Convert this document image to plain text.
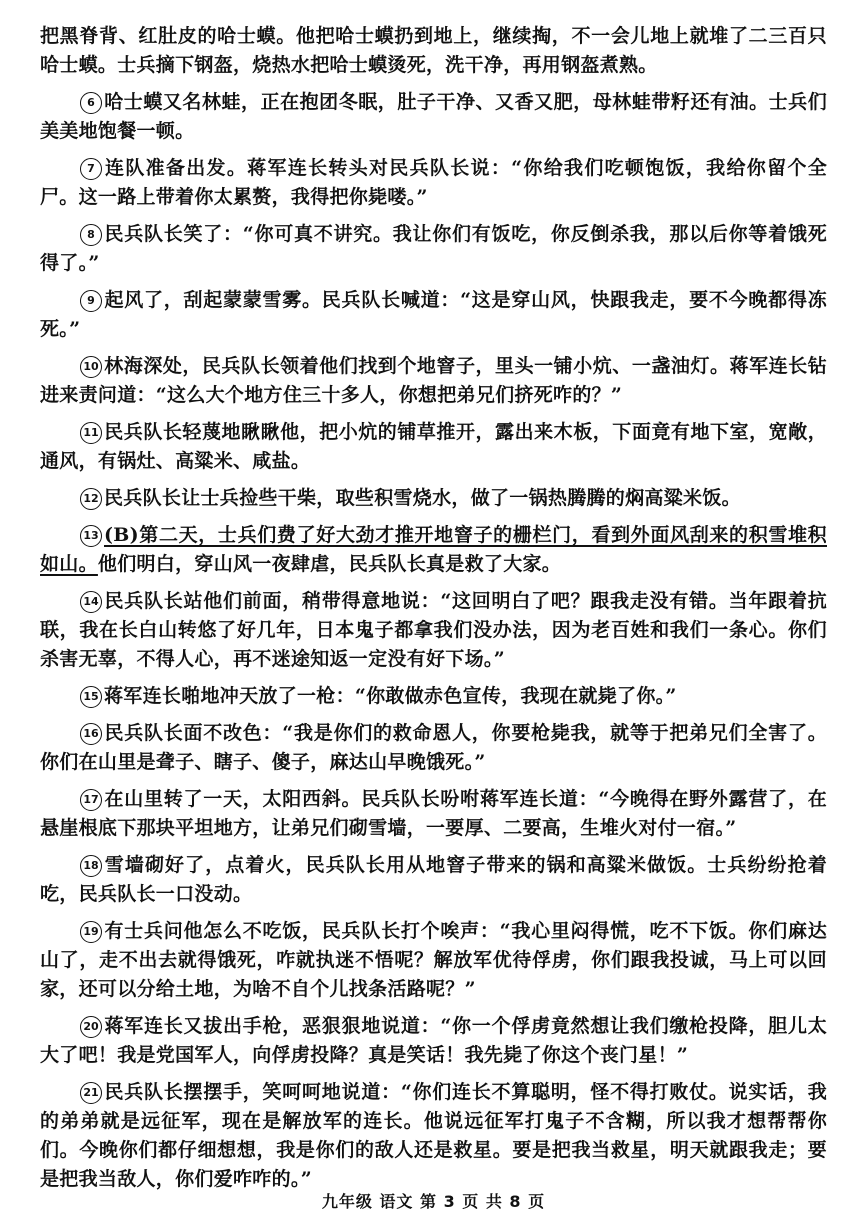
把黑脊背、红肚皮的哈士蟆。他把哈士蟆扔到地上，继续掏，不一会儿地上就堆了二三百只哈士蟆。士兵摘下钢盔，烧热水把哈士蟆烫死，洗干净，再用钢盔煮熟。

6 哈士蟆又名林蛙，正在抱团冬眠，肚子干净、又香又肥，母林蛙带籽还有油。士兵们美美地饱餐一顿。

7 连队准备出发。蒋军连长转头对民兵队长说：“你给我们吃顿饱饭，我给你留个全尸。这一路上带着你太累赘，我得把你毙喽。”

8 民兵队长笑了：“你可真不讲究。我让你们有饭吃，你反倒杀我，那以后你等着饿死得了。”

9 起风了，刮起蒙蒙雪雾。民兵队长喊道：“这是穿山风，快跟我走，要不今晚都得冻死。”

10 林海深处，民兵队长领着他们找到个地窨子，里头一铺小炕、一盏油灯。蒋军连长钻进来责问道：“这么大个地方住三十多人，你想把弟兄们挤死咋的？”

11 民兵队长轻蔑地瞅瞅他，把小炕的铺草推开，露出来木板，下面竟有地下室，宽敞，通风，有锅灶、高粱米、咸盐。

12 民兵队长让士兵捡些干柴，取些积雪烧水，做了一锅热腾腾的焖高粱米饭。

13 (B)第二天，士兵们费了好大劲才推开地窨子的栅栏门，看到外面风刮来的积雪堆积如山。他们明白，穿山风一夜肆虐，民兵队长真是救了大家。

14 民兵队长站他们前面，稍带得意地说：“这回明白了吧？跟我走没有错。当年跟着抗联，我在长白山转悠了好几年，日本鬼子都拿我们没办法，因为老百姓和我们一条心。你们杀害无辜，不得人心，再不迷途知返一定没有好下场。”

15 蒋军连长啪地冲天放了一枪：“你敢做赤色宣传，我现在就毙了你。”

16 民兵队长面不改色：“我是你们的救命恩人，你要枪毙我，就等于把弟兄们全害了。你们在山里是聋子、瞎子、傻子，麻达山早晚饿死。”

17 在山里转了一天，太阳西斜。民兵队长吩咐蒋军连长道：“今晚得在野外露营了，在悬崖根底下那块平坦地方，让弟兄们砌雪墙，一要厚、二要高，生堆火对付一宿。”

18 雪墙砌好了，点着火，民兵队长用从地窨子带来的锅和高粱米做饭。士兵纷纷抢着吃，民兵队长一口没动。

19 有士兵问他怎么不吃饭，民兵队长打个唉声：“我心里闷得慌，吃不下饭。你们麻达山了，走不出去就得饿死，咋就执迷不悟呢？解放军优待俘虏，你们跟我投诚，马上可以回家，还可以分给土地，为啥不自个儿找条活路呢？”

20 蒋军连长又拔出手枪，恶狠狠地说道：“你一个俘虏竟然想让我们缴枪投降，胆儿太大了吧！我是党国军人，向俘虏投降？真是笑话！我先毙了你这个丧门星！”

21 民兵队长摆摆手，笑呵呵地说道：“你们连长不算聪明，怪不得打败仗。说实话，我的弟弟就是远征军，现在是解放军的连长。他说远征军打鬼子不含糊，所以我才想帮帮你们。今晚你们都仔细想想，我是你们的敌人还是救星。要是把我当救星，明天就跟我走；要是把我当敌人，你们爱咋咋的。”

九年级 语文 第 3 页 共 8 页
